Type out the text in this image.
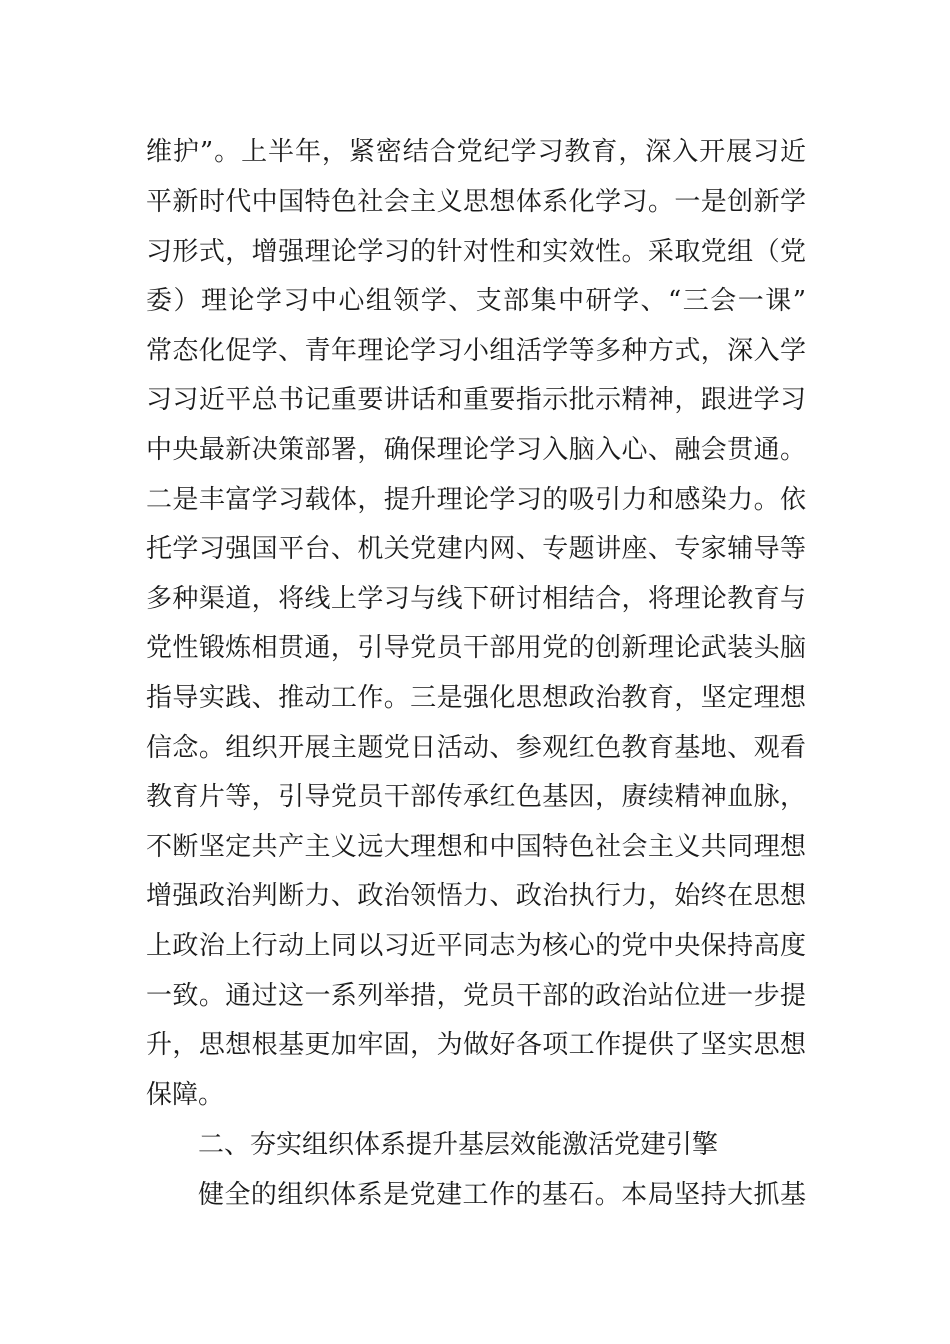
维护”。上半年，紧密结合党纪学习教育，深入开展习近
平新时代中国特色社会主义思想体系化学习。一是创新学
习形式，增强理论学习的针对性和实效性。采取党组（党
委）理论学习中心组领学、支部集中研学、“三会一课”
常态化促学、青年理论学习小组活学等多种方式，深入学
习习近平总书记重要讲话和重要指示批示精神，跟进学习
中央最新决策部署，确保理论学习入脑入心、融会贯通。
二是丰富学习载体，提升理论学习的吸引力和感染力。依
托学习强国平台、机关党建内网、专题讲座、专家辅导等
多种渠道，将线上学习与线下研讨相结合，将理论教育与
党性锻炼相贯通，引导党员干部用党的创新理论武装头脑
指导实践、推动工作。三是强化思想政治教育，坚定理想
信念。组织开展主题党日活动、参观红色教育基地、观看
教育片等，引导党员干部传承红色基因，赓续精神血脉，
不断坚定共产主义远大理想和中国特色社会主义共同理想
增强政治判断力、政治领悟力、政治执行力，始终在思想
上政治上行动上同以习近平同志为核心的党中央保持高度
一致。通过这一系列举措，党员干部的政治站位进一步提
升，思想根基更加牢固，为做好各项工作提供了坚实思想
保障。
二、夯实组织体系提升基层效能激活党建引擎
健全的组织体系是党建工作的基石。本局坚持大抓基
